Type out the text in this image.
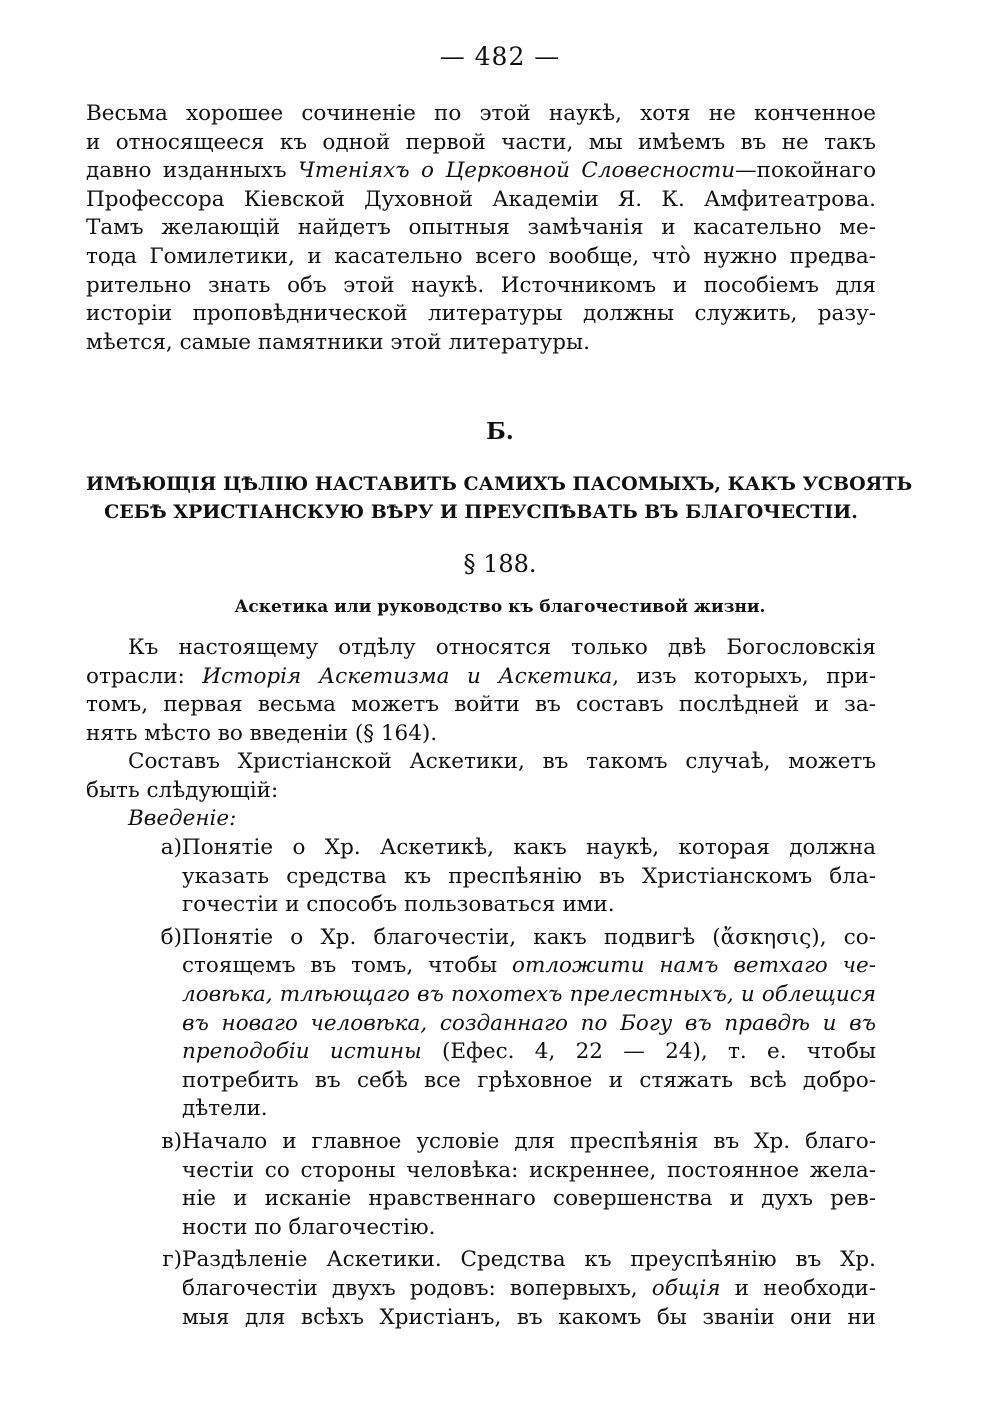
— 482 —
Весьма хорошее сочиненіе по этой наукѣ, хотя не конченное
и относящееся къ одной первой части, мы имѣемъ въ не такъ
давно изданныхъ Чтеніяхъ о Церковной Словесности—покойнаго
Профессора Кіевской Духовной Академіи Я. К. Амфитеатрова.
Тамъ желающій найдетъ опытныя замѣчанія и касательно ме-
тода Гомилетики, и касательно всего вообще, что̀ нужно предва-
рительно знать объ этой наукѣ. Источникомъ и пособіемъ для
исторіи проповѣднической литературы должны служить, разу-
мѣется, самые памятники этой литературы.
Б.
ИМѢЮЩІЯ ЦѢЛІЮ НАСТАВИТЬ САМИХЪ ПАСОМЫХЪ, КАКЪ УСВОЯТЬ
СЕБѢ ХРИСТІАНСКУЮ ВѢРУ И ПРЕУСПѢВАТЬ ВЪ БЛАГОЧЕСТІИ.
§ 188.
Аскетика или руководство къ благочестивой жизни.
Къ настоящему отдѣлу относятся только двѣ Богословскія
отрасли: Исторія Аскетизма и Аскетика, изъ которыхъ, при-
томъ, первая весьма можетъ войти въ составъ послѣдней и за-
нять мѣсто во введеніи (§ 164).
Составъ Христіанской Аскетики, въ такомъ случаѣ, можетъ
быть слѣдующій:
Введеніе:
а) Понятіе о Хр. Аскетикѣ, какъ наукѣ, которая должна
указать средства къ преспѣянію въ Христіанскомъ бла-
гочестіи и способъ пользоваться ими.
б) Понятіе о Хр. благочестіи, какъ подвигѣ (ἄσκησις), со-
стоящемъ въ томъ, чтобы отложити намъ ветхаго че-
ловѣка, тлѣющаго въ похотехъ прелестныхъ, и облещися
въ новаго человѣка, созданнаго по Богу въ правдѣ и въ
преподобіи истины (Ефес. 4, 22 — 24), т. е. чтобы
потребить въ себѣ все грѣховное и стяжать всѣ добро-
дѣтели.
в) Начало и главное условіе для преспѣянія въ Хр. благо-
честіи со стороны человѣка: искреннее, постоянное жела-
ніе и исканіе нравственнаго совершенства и духъ рев-
ности по благочестію.
г) Раздѣленіе Аскетики. Средства къ преуспѣянію въ Хр.
благочестіи двухъ родовъ: вопервыхъ, общія и необходи-
мыя для всѣхъ Христіанъ, въ какомъ бы званіи они ни
